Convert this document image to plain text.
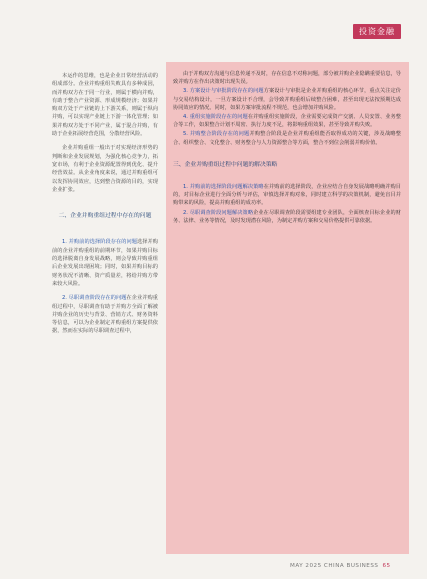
投资金融

本运作的思维，也是企业日常经营活动的组成部分。企业并购重组失败具有多种成因，而并购双方在于同一行业，则属于横向并购，有助于整合产业资源、形成规模经济；如果并购双方处于产业链的上下游关系，则属于纵向并购，可以实现产业链上下游一体化管理；如果并购双方处于不同产业，属于混合并购，有助于企业拓展经营范围，分散经营风险。

企业并购重组一般出于对实现经济形势的判断和企业发展规划，为强化核心竞争力，拓宽市场，有利于企业资源配置得到优化、提升经营效益。从企业角度来说，通过并购重组可以发挥协同效应，达到整合资源的目的，实现企业扩张。

二、企业并购重组过程中存在的问题

1. 并购前的选择阶段存在的问题选择并购前的企业并购重组的前期环节，如果并购目标的选择脱离自身发展战略，则会导致并购重组后企业发展出现困境；同时，如果并购目标的财务状况不清晰、资产质量差，将给并购方带来较大风险。

2. 尽职调查阶段存在的问题在企业并购重组过程中，尽职调查有助于并购方全面了解被并购企业的历史与背景、营销方式、财务资料等信息，可以为企业制定并购重组方案提供依据，然而在实际的尽职调查过程中，

由于并购双方沟通与信息传递不及时，存在信息不对称问题，部分被并购企业隐瞒重要信息，导致并购方在作出决策时出现失误。

3. 方案设计与审批阶段存在的问题方案设计与审批是企业并购重组的核心环节，重点关注定价与交易结构设计，一旦方案设计不合理，会导致并购重组后续整合困难，甚至出现无法按预期达成协同效应的情况。同时，如果方案审批流程不规范，也会增加并购风险。

4. 重组实施阶段存在的问题在并购重组实施阶段，企业需要完成资产交割、人员安置、业务整合等工作，如果整合计划不周密、执行力度不足，将影响重组效果，甚至导致并购失败。

5. 并购整合阶段存在的问题并购整合阶段是企业并购重组能否取得成功的关键，涉及战略整合、组织整合、文化整合、财务整合与人力资源整合等方面，整合不到位会削弱并购价值。

三、企业并购重组过程中问题的解决策略

1. 并购前的选择阶段问题解决策略在并购前的选择阶段，企业应结合自身发展战略明确并购目的，对目标企业进行全面分析与评估，审慎选择并购对象，同时建立科学的决策机制，避免盲目并购带来的风险，提高并购重组的成功率。

2. 尽职调查阶段问题解决策略企业在尽职调查阶段需要组建专业团队，全面核查目标企业的财务、法律、业务等情况，及时发现潜在风险，为制定并购方案和交易价格提供可靠依据。

MAY 2025 CHINA BUSINESS 65
